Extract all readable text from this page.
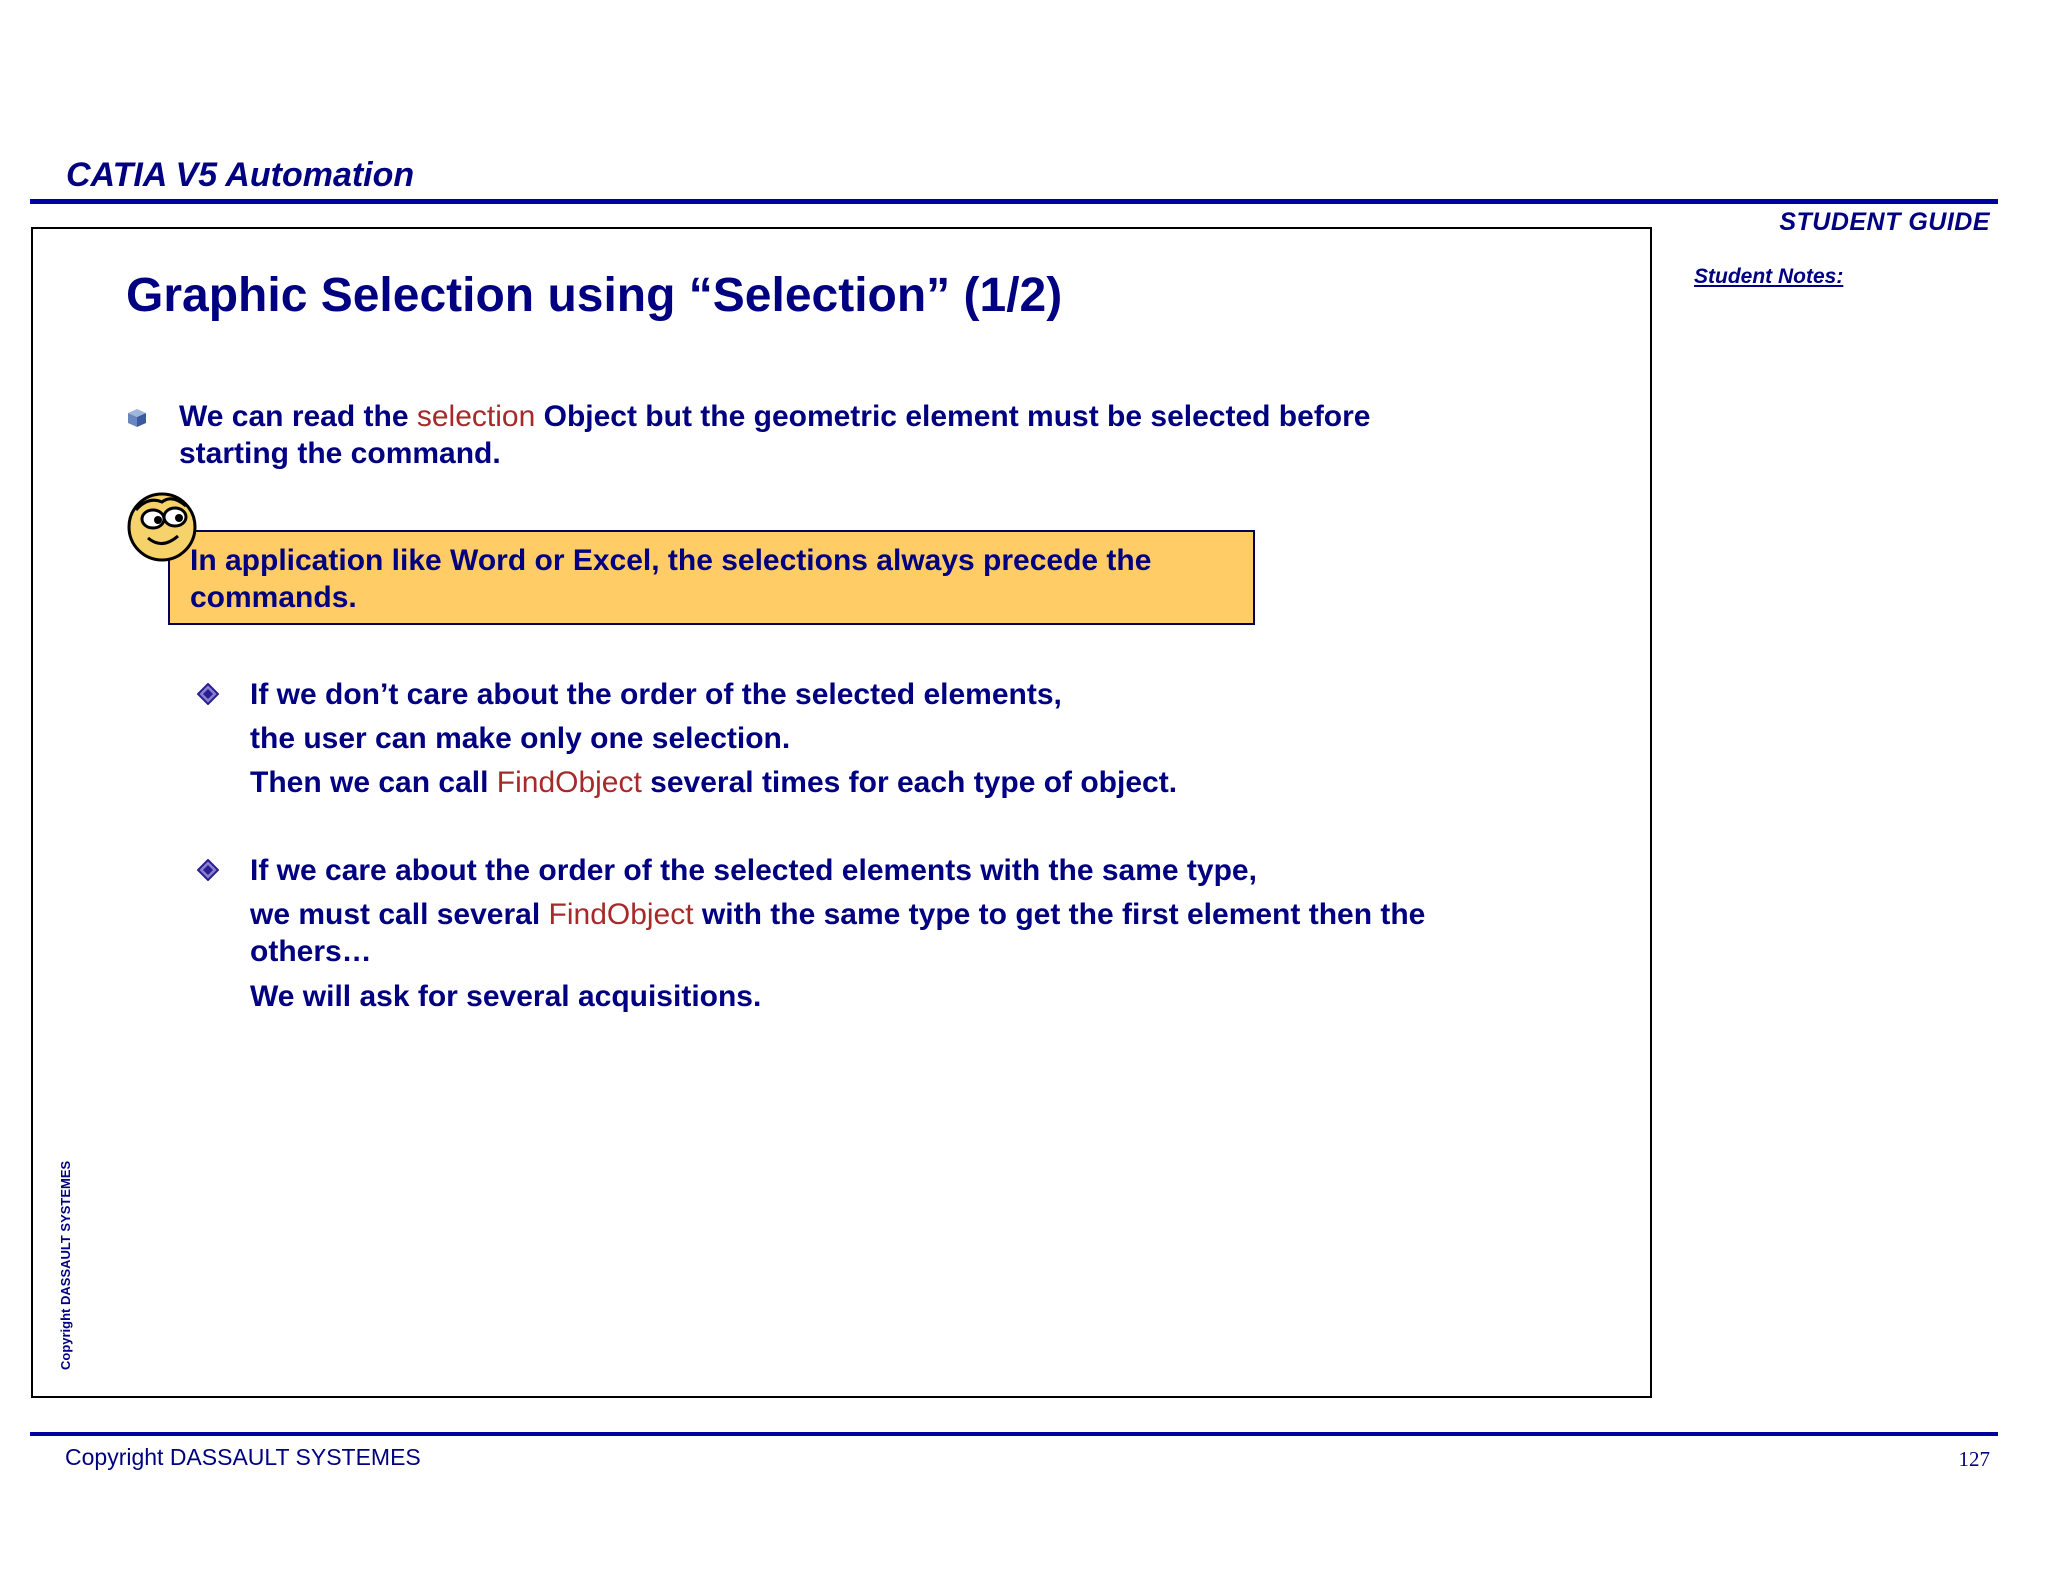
CATIA V5 Automation
STUDENT GUIDE
Student Notes:
Graphic Selection using “Selection” (1/2)
We can read the selection Object but the geometric element must be selected before starting the command.
In application like Word or Excel, the selections always precede the commands.
If we don’t care about the order of the selected elements,
the user can make only one selection.
Then we can call FindObject several times for each type of object.
If we care about the order of the selected elements with the same type,
we must call several FindObject with the same type to get the first element then the others…
We will ask for several acquisitions.
Copyright DASSAULT SYSTEMES
Copyright DASSAULT SYSTEMES	127
